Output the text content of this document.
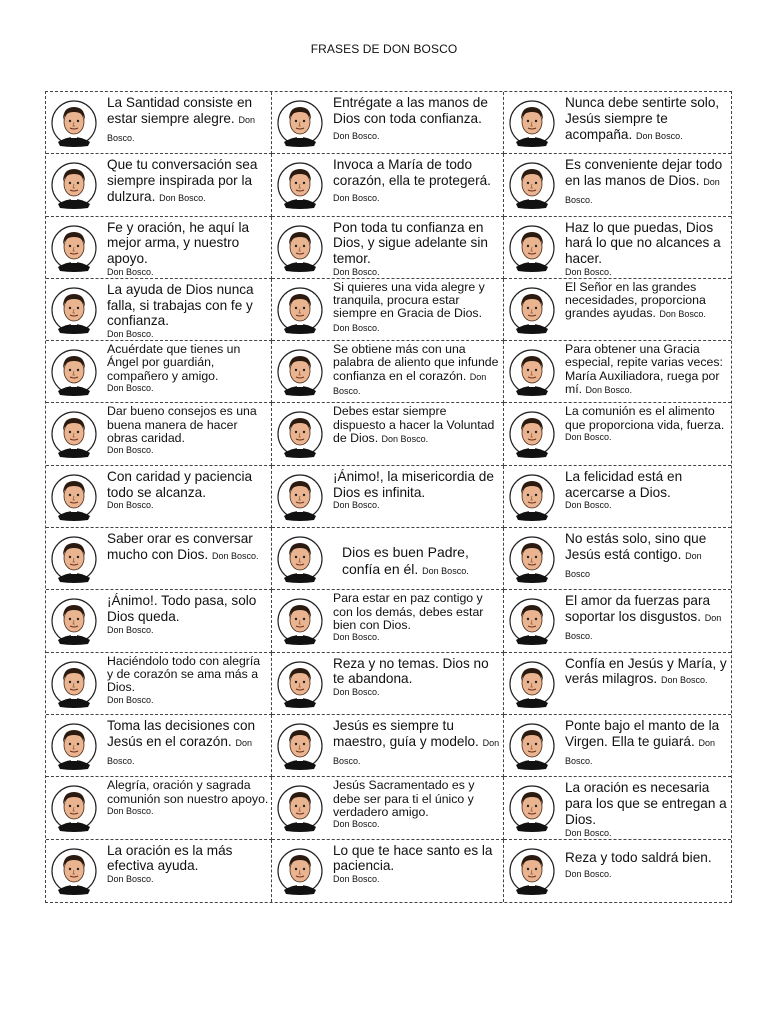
FRASES DE DON BOSCO
La Santidad consiste en estar siempre alegre. Don Bosco.
Entrégate a las manos de Dios con toda confianza. Don Bosco.
Nunca debe sentirte solo, Jesús siempre te acompaña. Don Bosco.
Que tu conversación sea siempre inspirada por la dulzura. Don Bosco.
Invoca a María de todo corazón, ella te protegerá. Don Bosco.
Es conveniente dejar todo en las manos de Dios. Don Bosco.
Fe y oración, he aquí la mejor arma, y nuestro apoyo.
Don Bosco.
Pon toda tu confianza en Dios, y sigue adelante sin temor.
Don Bosco.
Haz lo que puedas, Dios hará lo que no alcances a hacer.
Don Bosco.
La ayuda de Dios nunca falla, si trabajas con fe y confianza.
Don Bosco.
Si quieres una vida alegre y tranquila, procura estar siempre en Gracia de Dios. Don Bosco.
El Señor en las grandes necesidades, proporciona grandes ayudas. Don Bosco.
Acuérdate que tienes un Ángel por guardián, compañero y amigo.
Don Bosco.
Se obtiene más con una palabra de aliento que infunde confianza en el corazón. Don Bosco.
Para obtener una Gracia especial, repite varias veces: María Auxiliadora, ruega por mí. Don Bosco.
Dar bueno consejos es una buena manera de hacer obras caridad.
Don Bosco.
Debes estar siempre dispuesto a hacer la Voluntad de Dios. Don Bosco.
La comunión es el alimento que proporciona vida, fuerza.
Don Bosco.
Con caridad y paciencia todo se alcanza.
Don Bosco.
¡Ánimo!, la misericordia de Dios es infinita.
Don Bosco.
La felicidad está en acercarse a Dios.
Don Bosco.
Saber orar es conversar mucho con Dios. Don Bosco.	Dios es buen Padre, confía en él. Don Bosco.
No estás solo, sino que Jesús está contigo. Don Bosco
¡Ánimo!. Todo pasa, solo Dios queda.
Don Bosco.
Para estar en paz contigo y con los demás, debes estar bien con Dios.
Don Bosco.
El amor da fuerzas para soportar los disgustos. Don Bosco.
Haciéndolo todo con alegría y de corazón se ama más a Dios.
Don Bosco.
Reza y no temas. Dios no te abandona.
Don Bosco.
Confía en Jesús y María, y verás milagros. Don Bosco.
Toma las decisiones con Jesús en el corazón. Don Bosco.
Jesús es siempre tu maestro, guía y modelo. Don Bosco.
Ponte bajo el manto de la Virgen. Ella te guiará. Don Bosco.
Alegría, oración y sagrada comunión son nuestro apoyo.
Don Bosco.
Jesús Sacramentado es y debe ser para ti el único y verdadero amigo.
Don Bosco.
La oración es necesaria para los que se entregan a Dios.
Don Bosco.
La oración es la más efectiva ayuda.
Don Bosco.
Lo que te hace santo es la paciencia.
Don Bosco.
Reza y todo saldrá bien. Don Bosco.
